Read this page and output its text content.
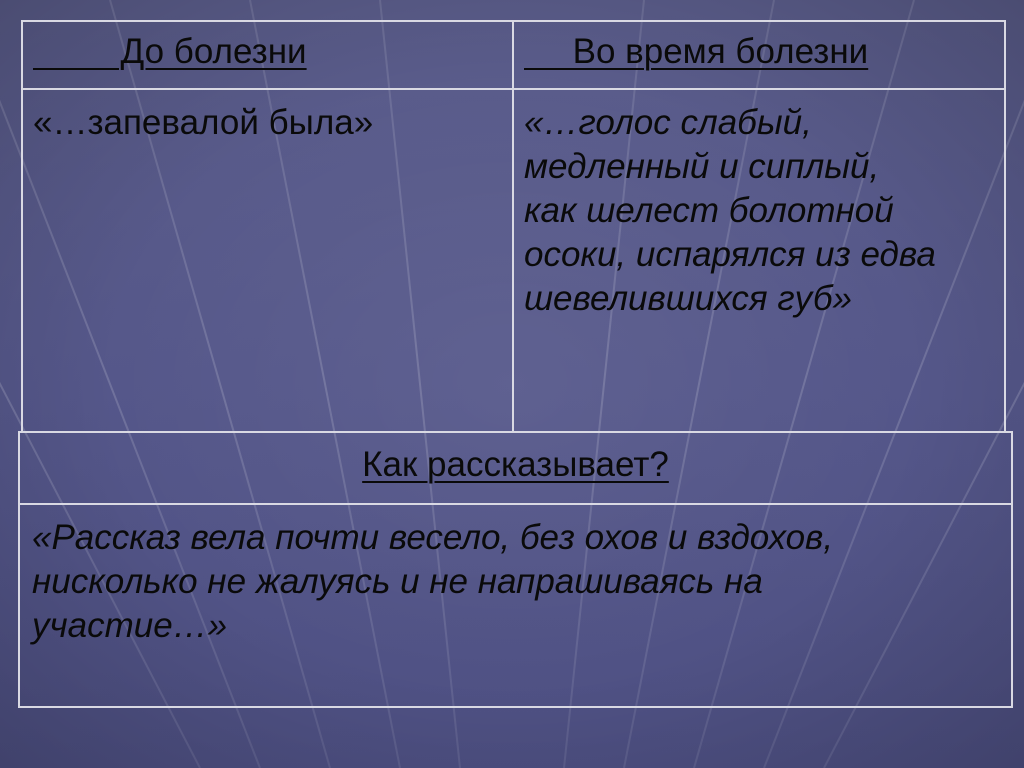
До болезни	Во время болезни
«…запевалой была»	«…голос слабый,
медленный и сиплый,
как шелест болотной
осоки, испарялся из едва
шевелившихся губ»
Как рассказывает?
«Рассказ вела почти весело, без охов и вздохов,
нисколько не жалуясь и не напрашиваясь на
участие…»
